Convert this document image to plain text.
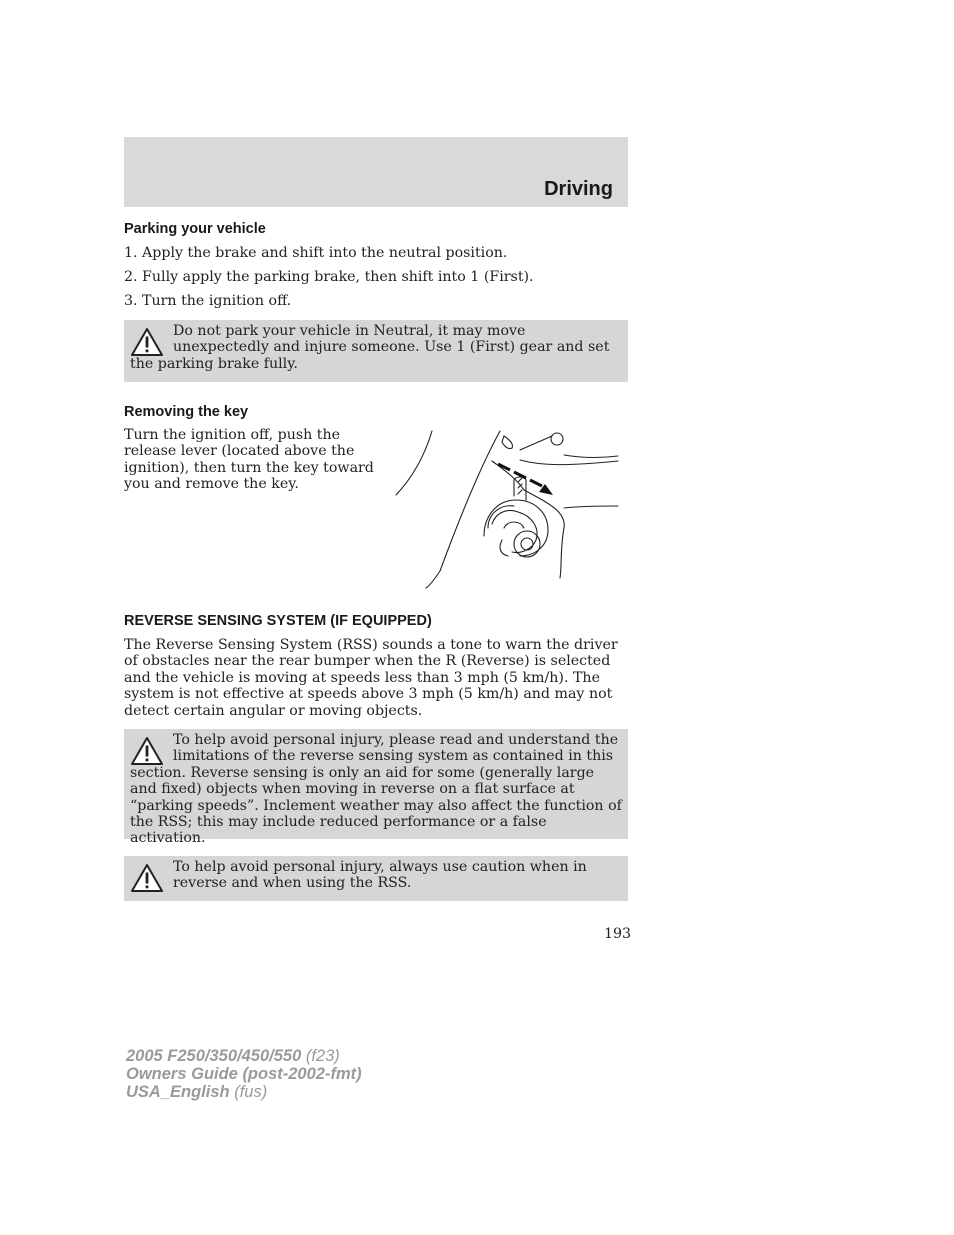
Driving
Parking your vehicle
1. Apply the brake and shift into the neutral position.
2. Fully apply the parking brake, then shift into 1 (First).
3. Turn the ignition off.
Do not park your vehicle in Neutral, it may move unexpectedly and injure someone. Use 1 (First) gear and set the parking brake fully.
Removing the key
Turn the ignition off, push the release lever (located above the ignition), then turn the key toward you and remove the key.
REVERSE SENSING SYSTEM (IF EQUIPPED)
The Reverse Sensing System (RSS) sounds a tone to warn the driver of obstacles near the rear bumper when the R (Reverse) is selected and the vehicle is moving at speeds less than 3 mph (5 km/h). The system is not effective at speeds above 3 mph (5 km/h) and may not detect certain angular or moving objects.
To help avoid personal injury, please read and understand the limitations of the reverse sensing system as contained in this section. Reverse sensing is only an aid for some (generally large and fixed) objects when moving in reverse on a flat surface at “parking speeds”. Inclement weather may also affect the function of the RSS; this may include reduced performance or a false activation.
To help avoid personal injury, always use caution when in reverse and when using the RSS.
193
2005 F250/350/450/550 (f23)
Owners Guide (post-2002-fmt)
USA_English (fus)
